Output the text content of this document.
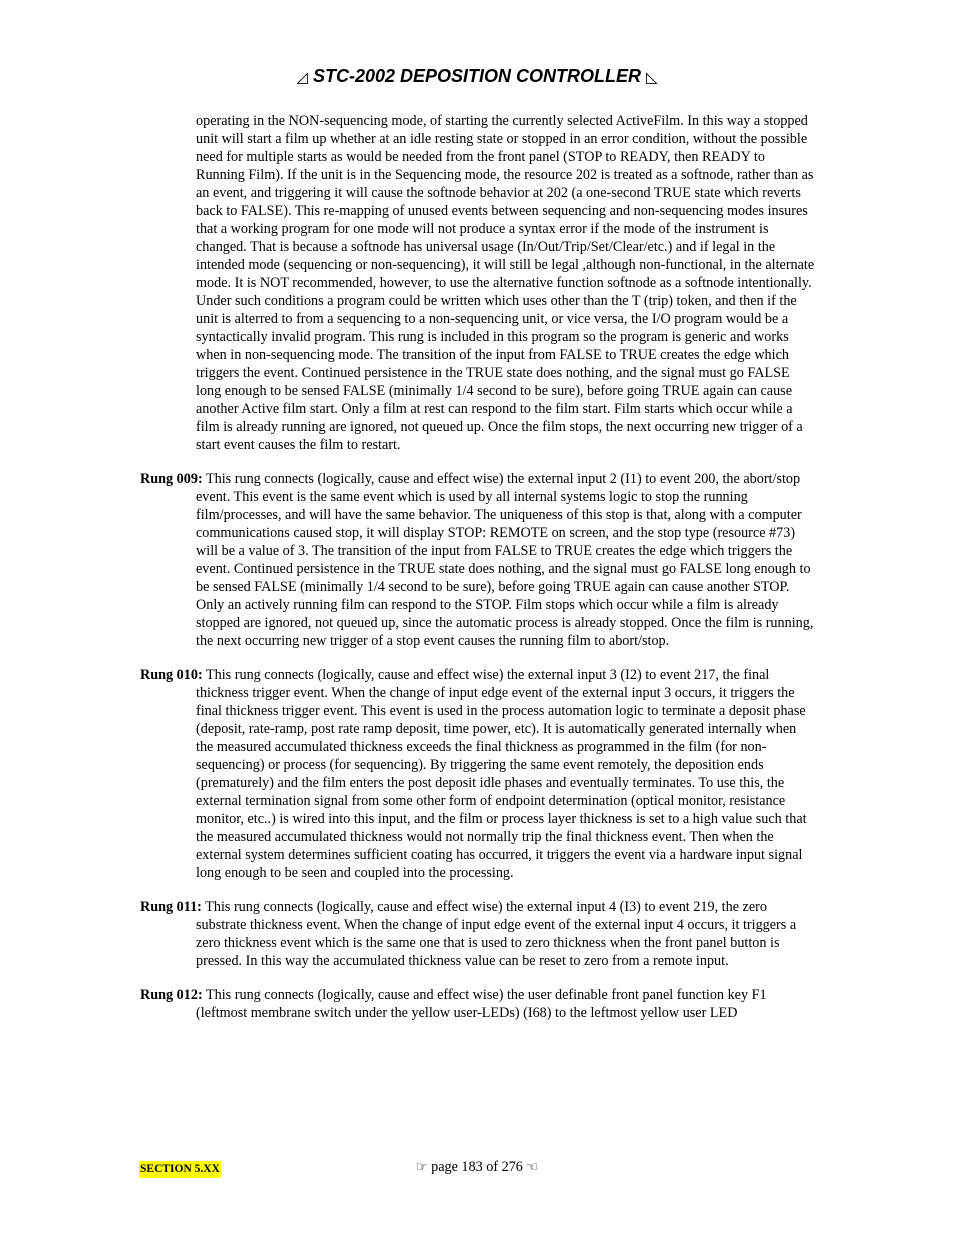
◿ STC-2002 DEPOSITION CONTROLLER ◺

operating in the NON-sequencing mode, of starting the currently selected ActiveFilm. In this way a stopped unit will start a film up whether at an idle resting state or stopped in an error condition, without the possible need for multiple starts as would be needed from the front panel (STOP to READY, then READY to Running Film). If the unit is in the Sequencing mode, the resource 202 is treated as a softnode, rather than as an event, and triggering it will cause the softnode behavior at 202 (a one-second TRUE state which reverts back to FALSE). This re-mapping of unused events between sequencing and non-sequencing modes insures that a working program for one mode will not produce a syntax error if the mode of the instrument is changed. That is because a softnode has universal usage (In/Out/Trip/Set/Clear/etc.) and if legal in the intended mode (sequencing or non-sequencing), it will still be legal ,although non-functional, in the alternate mode. It is NOT recommended, however, to use the alternative function softnode as a softnode intentionally. Under such conditions a program could be written which uses other than the T (trip) token, and then if the unit is alterred to from a sequencing to a non-sequencing unit, or vice versa, the I/O program would be a syntactically invalid program. This rung is included in this program so the program is generic and works when in non-sequencing mode. The transition of the input from FALSE to TRUE creates the edge which triggers the event. Continued persistence in the TRUE state does nothing, and the signal must go FALSE long enough to be sensed FALSE (minimally 1/4 second to be sure), before going TRUE again can cause another Active film start. Only a film at rest can respond to the film start. Film starts which occur while a film is already running are ignored, not queued up. Once the film stops, the next occurring new trigger of a start event causes the film to restart.

Rung 009: This rung connects (logically, cause and effect wise) the external input 2 (I1) to event 200, the abort/stop event. This event is the same event which is used by all internal systems logic to stop the running film/processes, and will have the same behavior. The uniqueness of this stop is that, along with a computer communications caused stop, it will display STOP: REMOTE on screen, and the stop type (resource #73) will be a value of 3. The transition of the input from FALSE to TRUE creates the edge which triggers the event. Continued persistence in the TRUE state does nothing, and the signal must go FALSE long enough to be sensed FALSE (minimally 1/4 second to be sure), before going TRUE again can cause another STOP. Only an actively running film can respond to the STOP. Film stops which occur while a film is already stopped are ignored, not queued up, since the automatic process is already stopped. Once the film is running, the next occurring new trigger of a stop event causes the running film to abort/stop.

Rung 010: This rung connects (logically, cause and effect wise) the external input 3 (I2) to event 217, the final thickness trigger event. When the change of input edge event of the external input 3 occurs, it triggers the final thickness trigger event. This event is used in the process automation logic to terminate a deposit phase (deposit, rate-ramp, post rate ramp deposit, time power, etc). It is automatically generated internally when the measured accumulated thickness exceeds the final thickness as programmed in the film (for non-sequencing) or process (for sequencing). By triggering the same event remotely, the deposition ends (prematurely) and the film enters the post deposit idle phases and eventually terminates. To use this, the external termination signal from some other form of endpoint determination (optical monitor, resistance monitor, etc..) is wired into this input, and the film or process layer thickness is set to a high value such that the measured accumulated thickness would not normally trip the final thickness event. Then when the external system determines sufficient coating has occurred, it triggers the event via a hardware input signal long enough to be seen and coupled into the processing.

Rung 011: This rung connects (logically, cause and effect wise) the external input 4 (I3) to event 219, the zero substrate thickness event. When the change of input edge event of the external input 4 occurs, it triggers a zero thickness event which is the same one that is used to zero thickness when the front panel button is pressed. In this way the accumulated thickness value can be reset to zero from a remote input.

Rung 012: This rung connects (logically, cause and effect wise) the user definable front panel function key F1 (leftmost membrane switch under the yellow user-LEDs) (I68) to the leftmost yellow user LED

SECTION 5.XX	☞ page 183 of 276 ☜
